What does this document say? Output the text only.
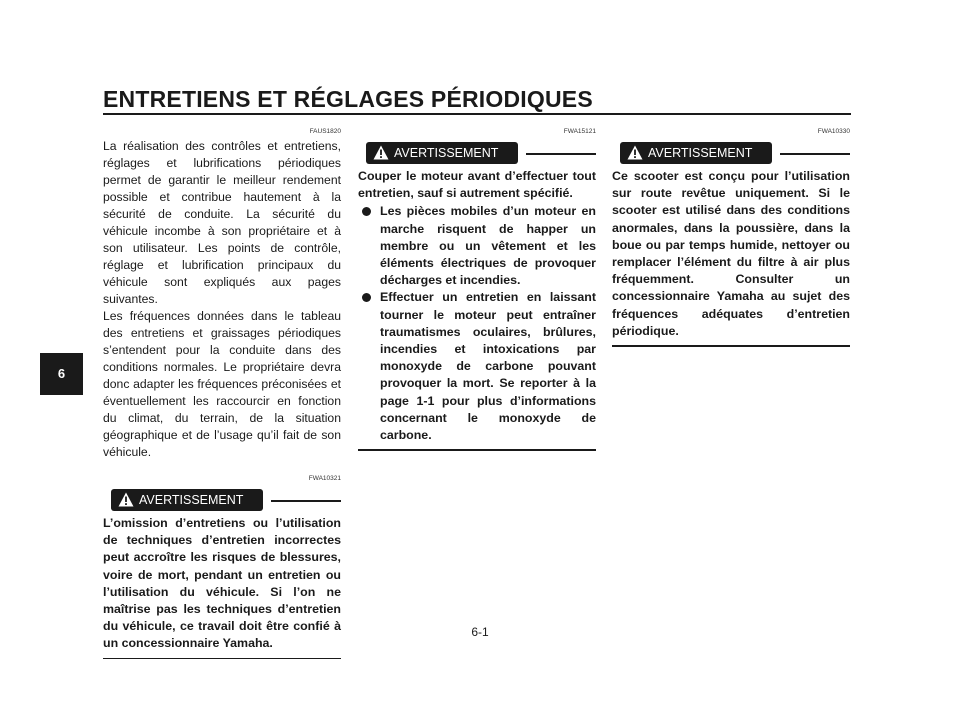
ENTRETIENS ET RÉGLAGES PÉRIODIQUES
6
FAUS1820
La réalisation des contrôles et entretiens, réglages et lubrifications périodiques permet de garantir le meilleur rendement possible et contribue hautement à la sécurité de conduite. La sécurité du véhicule incombe à son propriétaire et à son utilisateur. Les points de contrôle, réglage et lubrification principaux du véhicule sont expliqués aux pages suivantes.
Les fréquences données dans le tableau des entretiens et graissages périodiques s’entendent pour la conduite dans des conditions normales. Le propriétaire devra donc adapter les fréquences préconisées et éventuellement les raccourcir en fonction du climat, du terrain, de la situation géographique et de l’usage qu’il fait de son véhicule.
FWA10321
AVERTISSEMENT
L’omission d’entretiens ou l’utilisation de techniques d’entretien incorrectes peut accroître les risques de blessures, voire de mort, pendant un entretien ou l’utilisation du véhicule. Si l’on ne maîtrise pas les techniques d’entretien du véhicule, ce travail doit être confié à un concessionnaire Yamaha.
FWA15121
AVERTISSEMENT
Couper le moteur avant d’effectuer tout entretien, sauf si autrement spécifié.
Les pièces mobiles d’un moteur en marche risquent de happer un membre ou un vêtement et les éléments électriques de provoquer décharges et incendies.
Effectuer un entretien en laissant tourner le moteur peut entraîner traumatismes oculaires, brûlures, incendies et intoxications par monoxyde de carbone pouvant provoquer la mort. Se reporter à la page 1-1 pour plus d’informations concernant le monoxyde de carbone.
FWA10330
AVERTISSEMENT
Ce scooter est conçu pour l’utilisation sur route revêtue uniquement. Si le scooter est utilisé dans des conditions anormales, dans la poussière, dans la boue ou par temps humide, nettoyer ou remplacer l’élément du filtre à air plus fréquemment. Consulter un concessionnaire Yamaha au sujet des fréquences adéquates d’entretien périodique.
6-1
